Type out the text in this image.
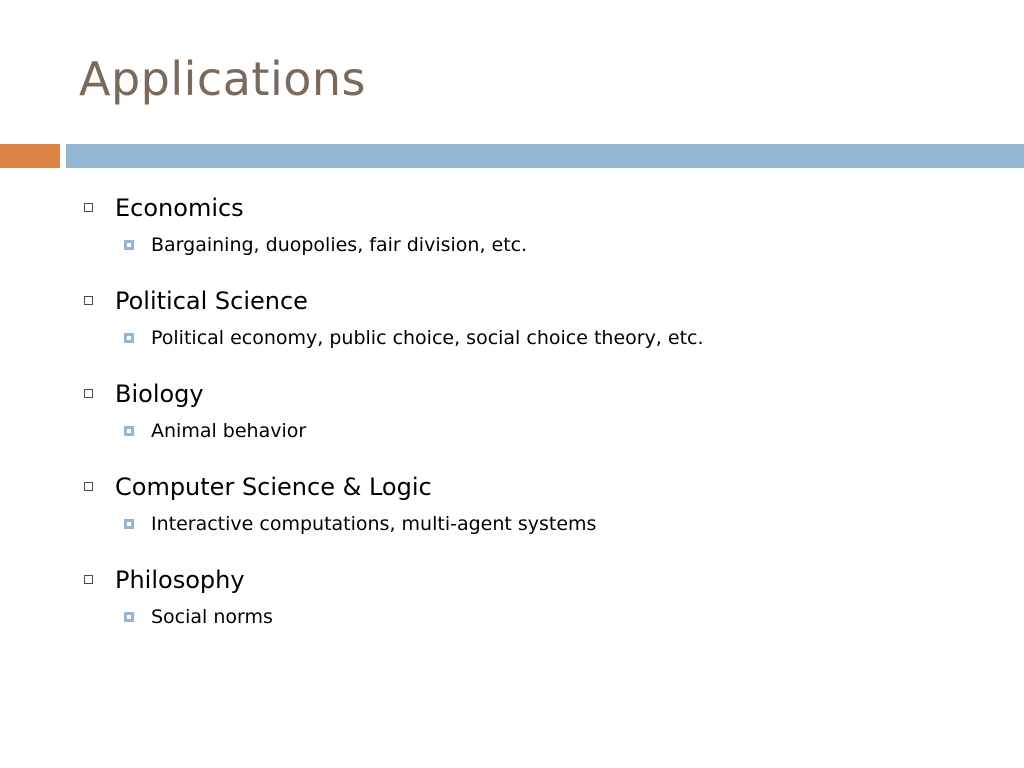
Applications
Economics
Bargaining, duopolies, fair division, etc.
Political Science
Political economy, public choice, social choice theory, etc.
Biology
Animal behavior
Computer Science & Logic
Interactive computations, multi-agent systems
Philosophy
Social norms
